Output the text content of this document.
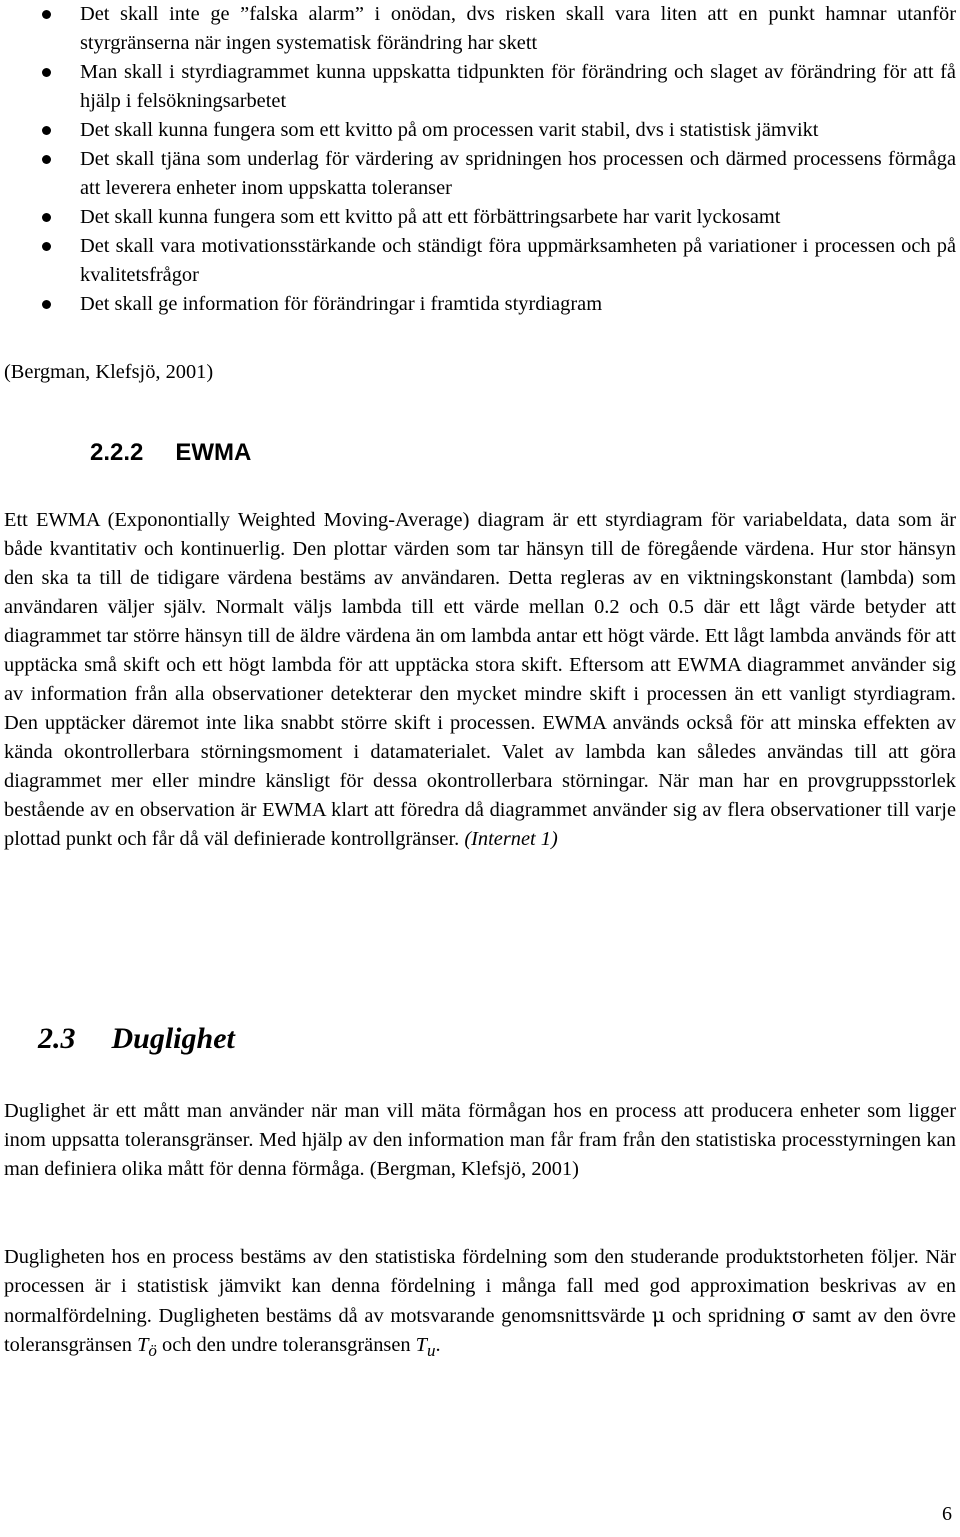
Det skall inte ge ”falska alarm” i onödan, dvs risken skall vara liten att en punkt hamnar utanför styrgränserna när ingen systematisk förändring har skett
Man skall i styrdiagrammet kunna uppskatta tidpunkten för förändring och slaget av förändring för att få hjälp i felsökningsarbetet
Det skall kunna fungera som ett kvitto på om processen varit stabil, dvs i statistisk jämvikt
Det skall tjäna som underlag för värdering av spridningen hos processen och därmed processens förmåga att leverera enheter inom uppskatta toleranser
Det skall kunna fungera som ett kvitto på att ett förbättringsarbete har varit lyckosamt
Det skall vara motivationsstärkande och ständigt föra uppmärksamheten på variationer i processen och på kvalitetsfrågor
Det skall ge information för förändringar i framtida styrdiagram
(Bergman, Klefsjö, 2001)
2.2.2 EWMA

Ett EWMA (Exponontially Weighted Moving-Average) diagram är ett styrdiagram för variabeldata, data som är både kvantitativ och kontinuerlig. Den plottar värden som tar hänsyn till de föregående värdena. Hur stor hänsyn den ska ta till de tidigare värdena bestäms av användaren. Detta regleras av en viktningskonstant (lambda) som användaren väljer själv. Normalt väljs lambda till ett värde mellan 0.2 och 0.5 där ett lågt värde betyder att diagrammet tar större hänsyn till de äldre värdena än om lambda antar ett högt värde. Ett lågt lambda används för att upptäcka små skift och ett högt lambda för att upptäcka stora skift. Eftersom att EWMA diagrammet använder sig av information från alla observationer detekterar den mycket mindre skift i processen än ett vanligt styrdiagram. Den upptäcker däremot inte lika snabbt större skift i processen. EWMA används också för att minska effekten av kända okontrollerbara störningsmoment i datamaterialet. Valet av lambda kan således användas till att göra diagrammet mer eller mindre känsligt för dessa okontrollerbara störningar. När man har en provgruppsstorlek bestående av en observation är EWMA klart att föredra då diagrammet använder sig av flera observationer till varje plottad punkt och får då väl definierade kontrollgränser. (Internet 1)

2.3 Duglighet

Duglighet är ett mått man använder när man vill mäta förmågan hos en process att producera enheter som ligger inom uppsatta toleransgränser. Med hjälp av den information man får fram från den statistiska processtyrningen kan man definiera olika mått för denna förmåga. (Bergman, Klefsjö, 2001)

Dugligheten hos en process bestäms av den statistiska fördelning som den studerande produktstorheten följer. När processen är i statistisk jämvikt kan denna fördelning i många fall med god approximation beskrivas av en normalfördelning. Dugligheten bestäms då av motsvarande genomsnittsvärde μ och spridning σ samt av den övre toleransgränsen $T_ö$ och den undre toleransgränsen $T_u$.

6
